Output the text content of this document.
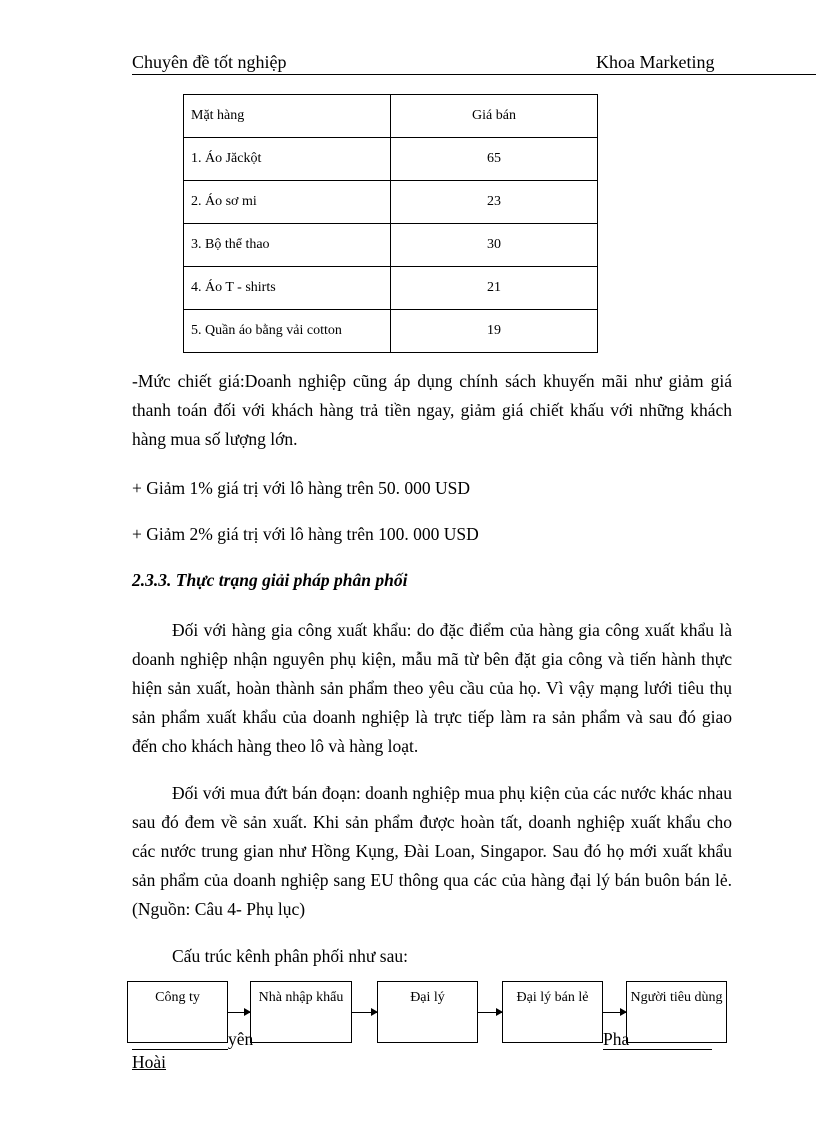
Chuyên đề tốt nghiệp	Khoa Marketing
Mặt hàng	Giá bán
1. Áo Jăckột	65
2. Áo sơ mi	23
3. Bộ thể thao	30
4. Áo T - shirts	21
5. Quần áo bằng vải cotton	19

-Mức chiết giá:Doanh nghiệp cũng áp dụng chính sách khuyến mãi như giảm giá thanh toán đối với khách hàng trả tiền ngay, giảm giá chiết khấu với những khách hàng mua số lượng lớn.

+ Giảm 1% giá trị với lô hàng trên 50. 000 USD
+ Giảm 2% giá trị với lô hàng trên 100. 000 USD
2.3.3. Thực trạng giải pháp phân phối

Đối với hàng gia công xuất khẩu: do đặc điểm của hàng gia công xuất khẩu là doanh nghiệp nhận nguyên phụ kiện, mẫu mã từ bên đặt gia công và tiến hành thực hiện sản xuất, hoàn thành sản phẩm theo yêu cầu của họ. Vì vậy mạng lưới tiêu thụ sản phẩm xuất khẩu của doanh nghiệp là trực tiếp làm ra sản phẩm và sau đó giao đến cho khách hàng theo lô và hàng loạt.

Đối với mua đứt bán đoạn: doanh nghiệp mua phụ kiện của các nước khác nhau sau đó đem về sản xuất. Khi sản phẩm được hoàn tất, doanh nghiệp xuất khẩu cho các nước trung gian như Hồng Kụng, Đài Loan, Singapor. Sau đó họ mới xuất khẩu sản phẩm của doanh nghiệp sang EU thông qua các của hàng đại lý bán buôn bán lẻ.(Nguồn: Câu 4- Phụ lục)

Cấu trúc kênh phân phối như sau:
Công ty	Nhà nhập khẩu	Đại lý	Đại lý bán lẻ	Người tiêu dùng
yên	Pha
Hoài
